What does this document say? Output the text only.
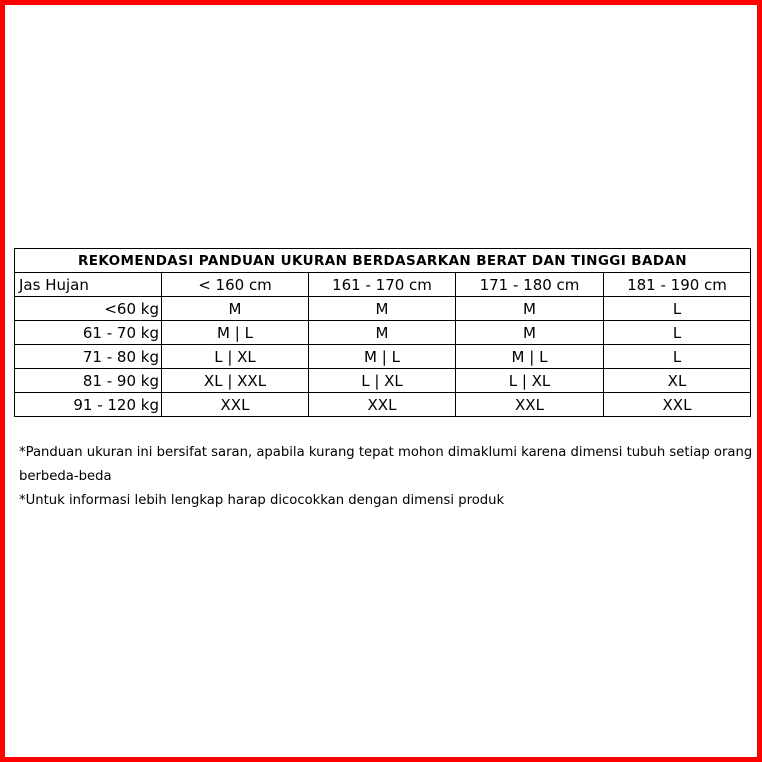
REKOMENDASI PANDUAN UKURAN BERDASARKAN BERAT DAN TINGGI BADAN				
Jas Hujan	< 160 cm	161 - 170 cm	171 - 180 cm	181 - 190 cm
<60 kg	M	M	M	L
61 - 70 kg	M | L	M	M	L
71 - 80 kg	L | XL	M | L	M | L	L
81 - 90 kg	XL | XXL	L | XL	L | XL	XL
91 - 120 kg	XXL	XXL	XXL	XXL

*Panduan ukuran ini bersifat saran, apabila kurang tepat mohon dimaklumi karena dimensi tubuh setiap orang berbeda-beda

*Untuk informasi lebih lengkap harap dicocokkan dengan dimensi produk
